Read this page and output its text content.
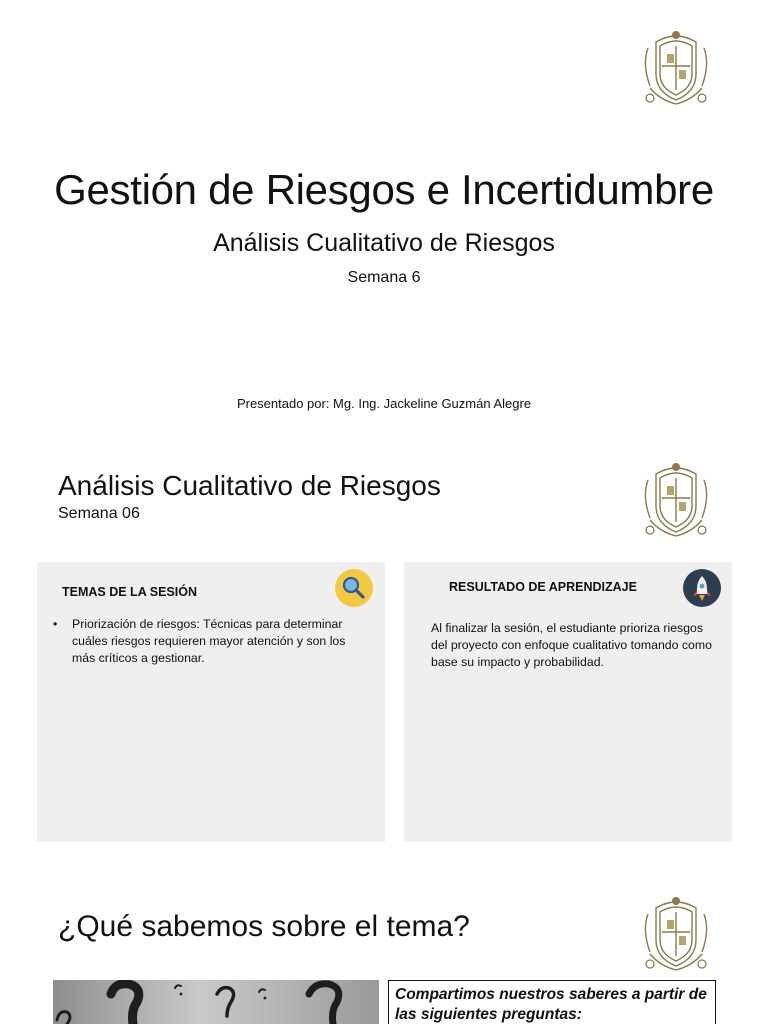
Gestión de Riesgos e Incertidumbre
Análisis Cualitativo de Riesgos
Semana 6
Presentado por: Mg. Ing. Jackeline Guzmán Alegre
Análisis Cualitativo de Riesgos
Semana 06
TEMAS DE LA SESIÓN
• Priorización de riesgos: Técnicas para determinar cuáles riesgos requieren mayor atención y son los más críticos a gestionar.
RESULTADO DE APRENDIZAJE
Al finalizar la sesión, el estudiante prioriza riesgos del proyecto con enfoque cualitativo tomando como base su impacto y probabilidad.
¿Qué sabemos sobre el tema?
Compartimos nuestros saberes a partir de las siguientes preguntas:
